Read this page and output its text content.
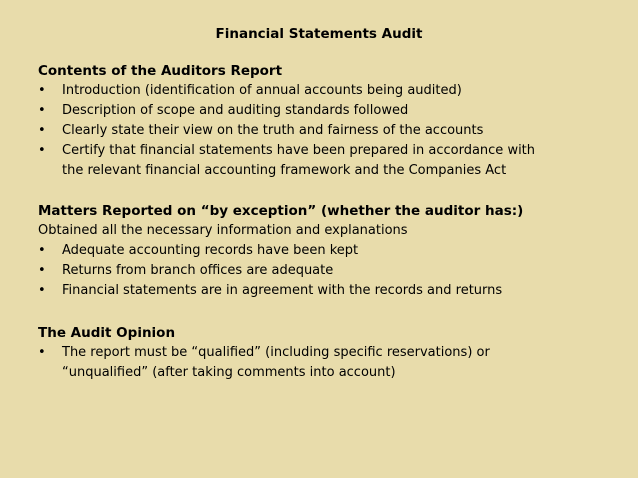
Financial Statements Audit
Contents of the Auditors Report
•	Introduction (identification of annual accounts being audited)
•	Description of scope and auditing standards followed
•	Clearly state their view on the truth and fairness of the accounts
•	Certify that financial statements have been prepared in accordance with
the relevant financial accounting framework and the Companies Act
Matters Reported on “by exception” (whether the auditor has:)
Obtained all the necessary information and explanations
•	Adequate accounting records have been kept
•	Returns from branch offices are adequate
•	Financial statements are in agreement with the records and returns
The Audit Opinion
•	The report must be “qualified” (including specific reservations) or
“unqualified” (after taking comments into account)
